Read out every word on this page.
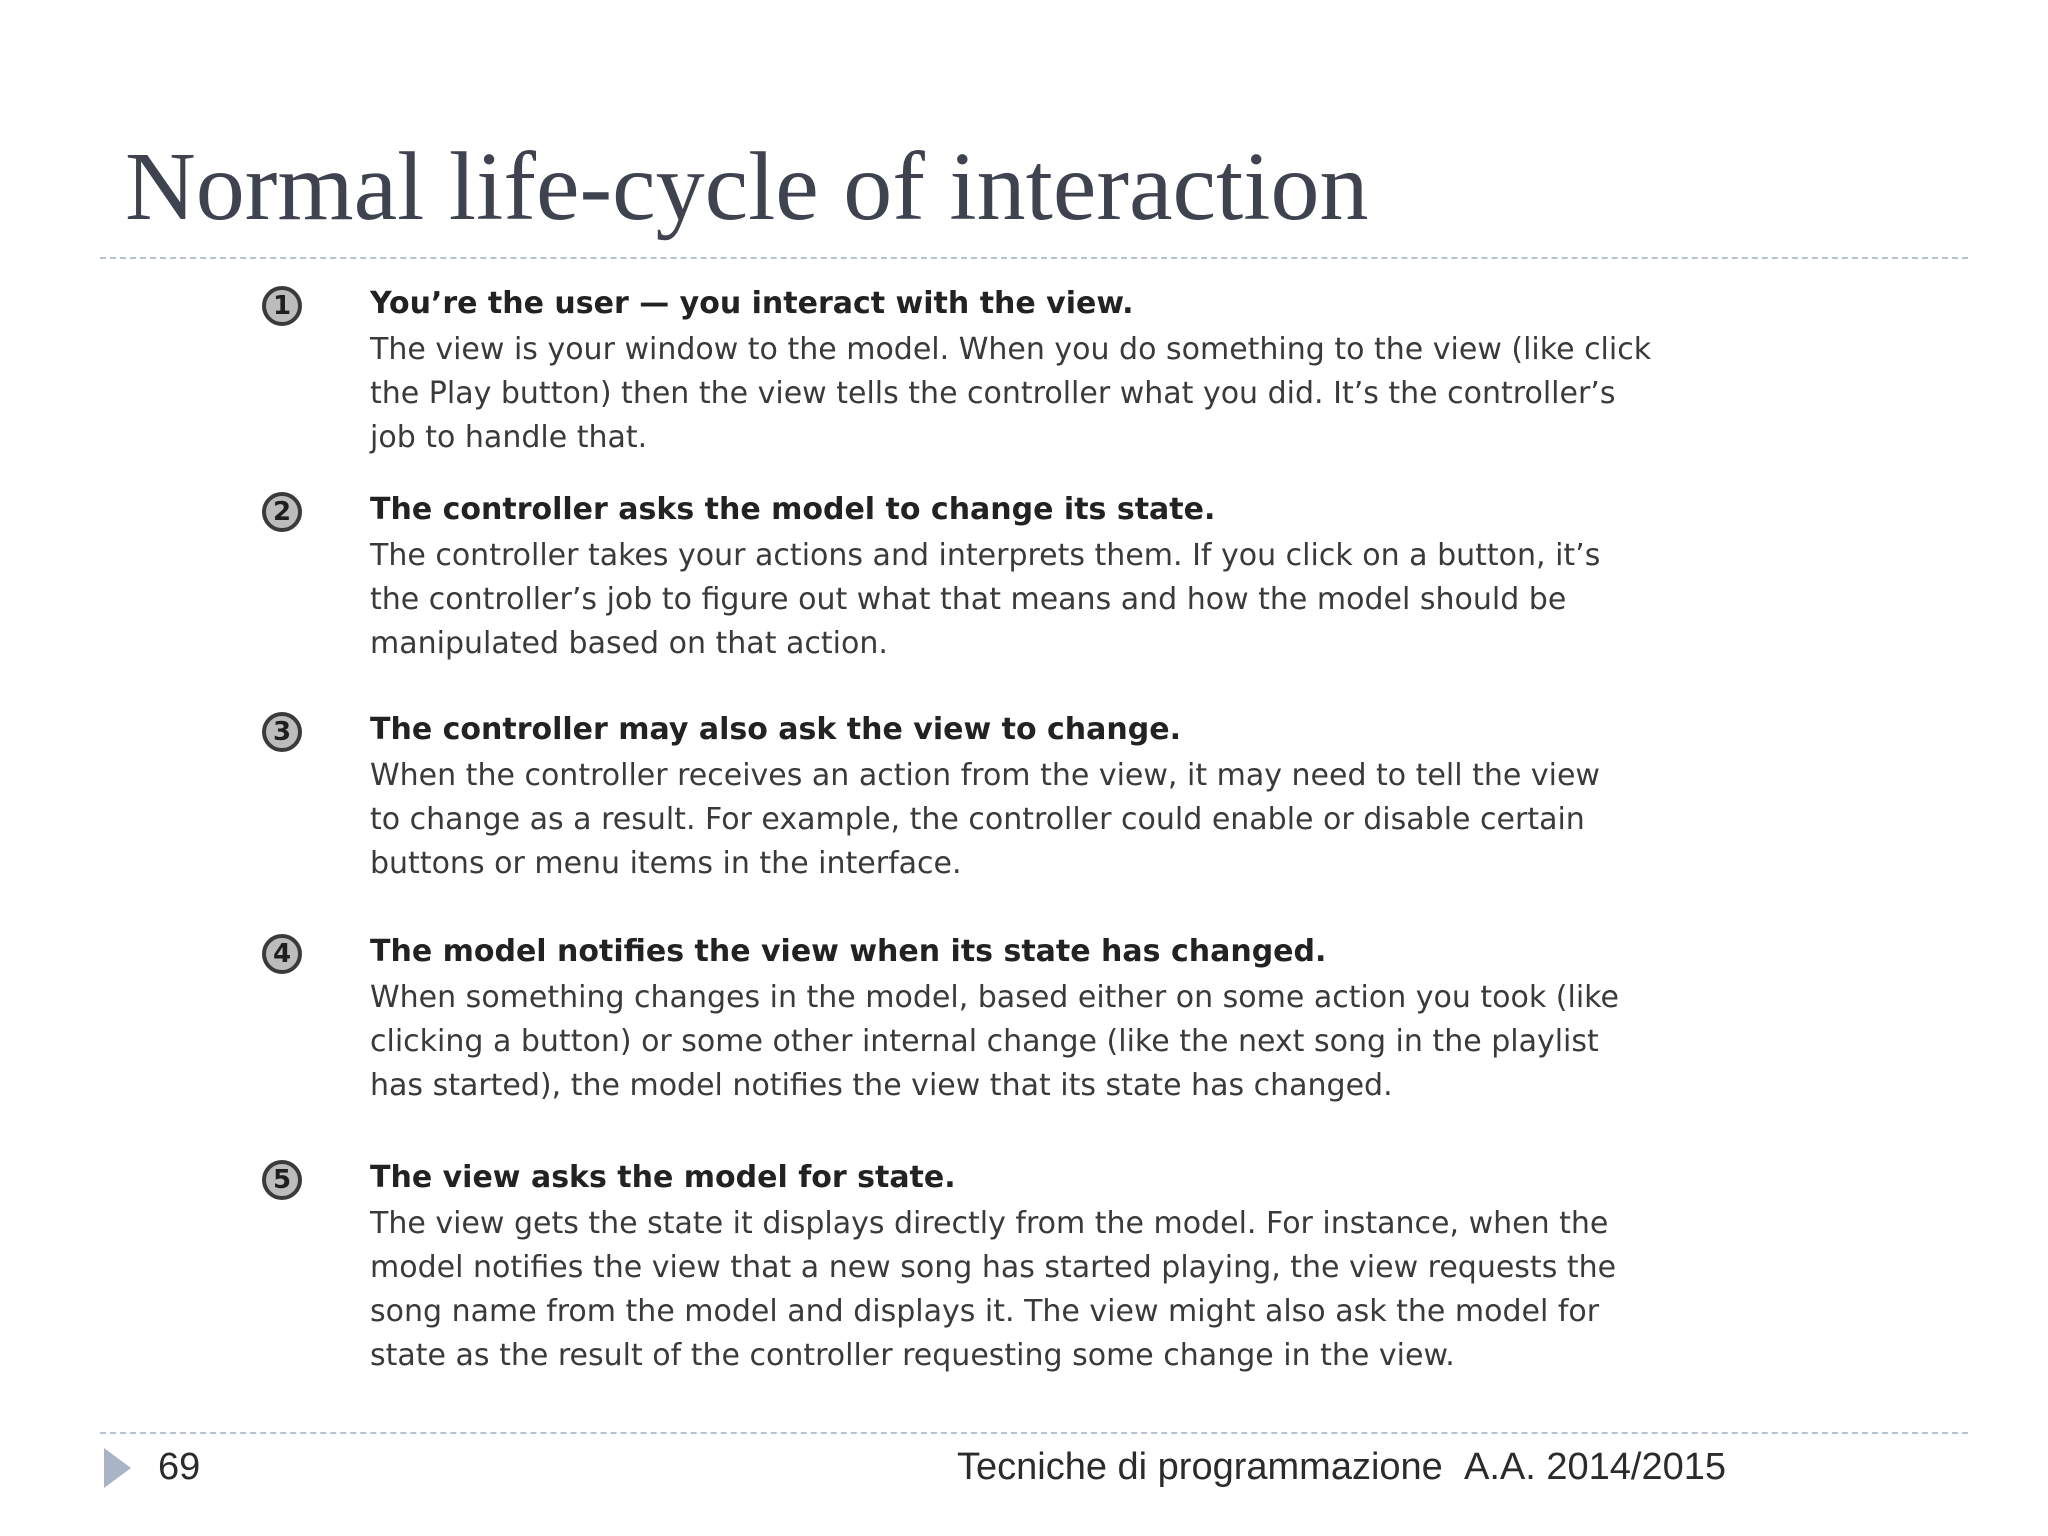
Normal life-cycle of interaction
1	You’re the user — you interact with the view.
The view is your window to the model. When you do something to the view (like click
the Play button) then the view tells the controller what you did. It’s the controller’s
job to handle that.
2	The controller asks the model to change its state.
The controller takes your actions and interprets them. If you click on a button, it’s
the controller’s job to figure out what that means and how the model should be
manipulated based on that action.
3	The controller may also ask the view to change.
When the controller receives an action from the view, it may need to tell the view
to change as a result. For example, the controller could enable or disable certain
buttons or menu items in the interface.
4	The model notifies the view when its state has changed.
When something changes in the model, based either on some action you took (like
clicking a button) or some other internal change (like the next song in the playlist
has started), the model notifies the view that its state has changed.
5	The view asks the model for state.
The view gets the state it displays directly from the model. For instance, when the
model notifies the view that a new song has started playing, the view requests the
song name from the model and displays it. The view might also ask the model for
state as the result of the controller requesting some change in the view.
69	Tecniche di programmazione A.A. 2014/2015
